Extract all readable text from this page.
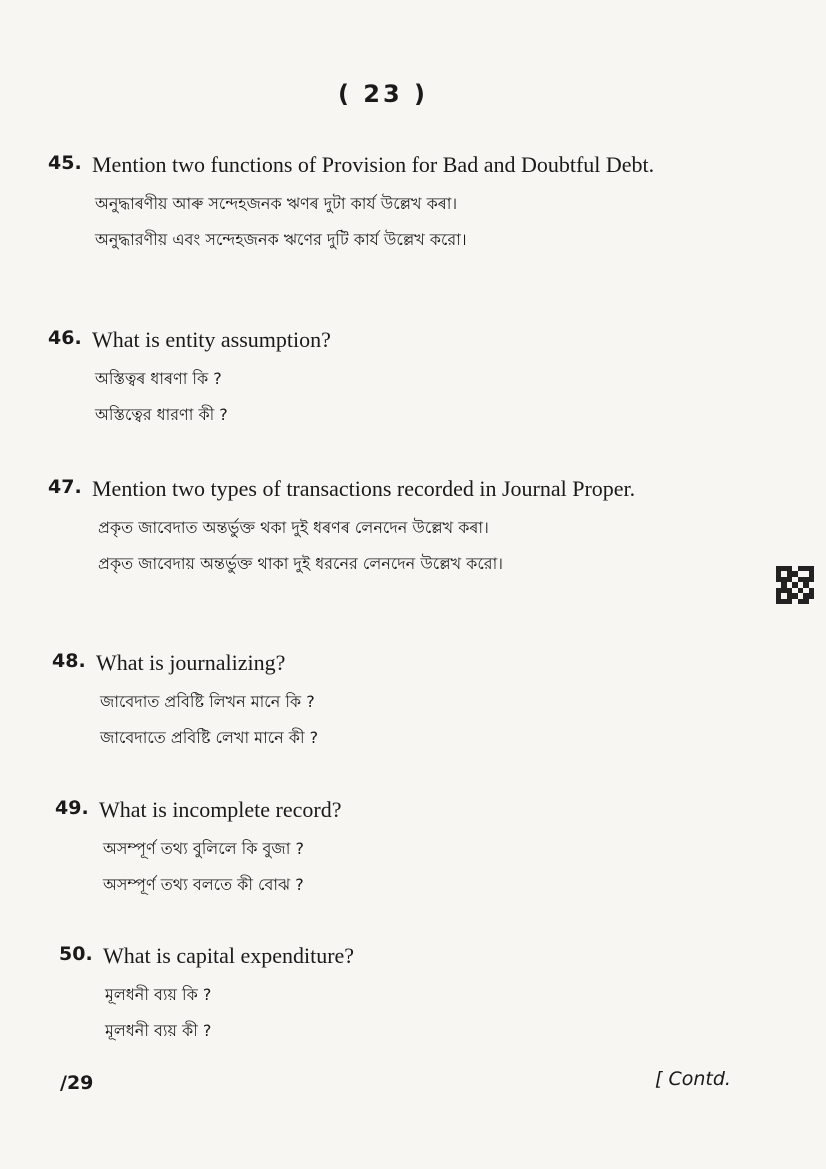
( 23 )
45. Mention two functions of Provision for Bad and Doubtful Debt.
অনুদ্ধাৰণীয় আৰু সন্দেহজনক ঋণৰ দুটা কাৰ্য উল্লেখ কৰা।
অনুদ্ধারণীয় এবং সন্দেহজনক ঋণের দুটি কার্য উল্লেখ করো।
46. What is entity assumption?
অস্তিত্বৰ ধাৰণা কি ?
অস্তিত্বের ধারণা কী ?
47. Mention two types of transactions recorded in Journal Proper.
প্ৰকৃত জাবেদাত অন্তৰ্ভুক্ত থকা দুই ধৰণৰ লেনদেন উল্লেখ কৰা।
প্রকৃত জাবেদায় অন্তর্ভুক্ত থাকা দুই ধরনের লেনদেন উল্লেখ করো।
48. What is journalizing?
জাবেদাত প্ৰবিষ্টি লিখন মানে কি ?
জাবেদাতে প্রবিষ্টি লেখা মানে কী ?
49. What is incomplete record?
অসম্পূৰ্ণ তথ্য বুলিলে কি বুজা ?
অসম্পূর্ণ তথ্য বলতে কী বোঝ ?
50. What is capital expenditure?
মূলধনী ব্যয় কি ?
মূলধনী ব্যয় কী ?
/29	[ Contd.
